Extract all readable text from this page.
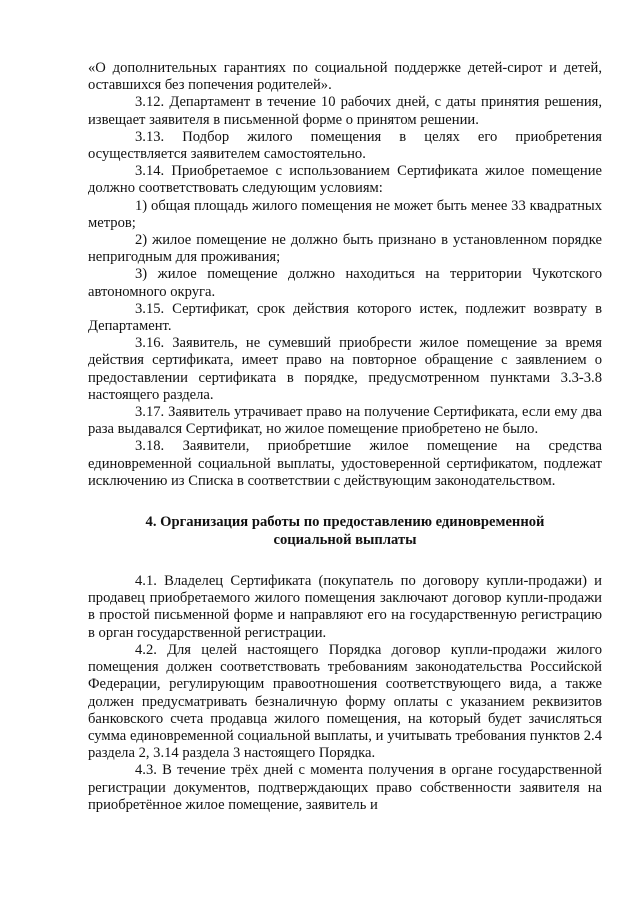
«О дополнительных гарантиях по социальной поддержке детей-сирот и детей, оставшихся без попечения родителей».

3.12. Департамент в течение 10 рабочих дней, с даты принятия решения, извещает заявителя в письменной форме о принятом решении.

3.13. Подбор жилого помещения в целях его приобретения осуществляется заявителем самостоятельно.

3.14. Приобретаемое с использованием Сертификата жилое помещение должно соответствовать следующим условиям:

1) общая площадь жилого помещения не может быть менее 33 квадратных метров;

2) жилое помещение не должно быть признано в установленном порядке непригодным для проживания;

3) жилое помещение должно находиться на территории Чукотского автономного округа.

3.15. Сертификат, срок действия которого истек, подлежит возврату в Департамент.

3.16. Заявитель, не сумевший приобрести жилое помещение за время действия сертификата, имеет право на повторное обращение с заявлением о предоставлении сертификата в порядке, предусмотренном пунктами 3.3-3.8 настоящего раздела.

3.17. Заявитель утрачивает право на получение Сертификата, если ему два раза выдавался Сертификат, но жилое помещение приобретено не было.

3.18. Заявители, приобретшие жилое помещение на средства единовременной социальной выплаты, удостоверенной сертификатом, подлежат исключению из Списка в соответствии с действующим законодательством.

4. Организация работы по предоставлению единовременной
социальной выплаты

4.1. Владелец Сертификата (покупатель по договору купли-продажи) и продавец приобретаемого жилого помещения заключают договор купли-продажи в простой письменной форме и направляют его на государственную регистрацию в орган государственной регистрации.

4.2. Для целей настоящего Порядка договор купли-продажи жилого помещения должен соответствовать требованиям законодательства Российской Федерации, регулирующим правоотношения соответствующего вида, а также должен предусматривать безналичную форму оплаты с указанием реквизитов банковского счета продавца жилого помещения, на который будет зачисляться сумма единовременной социальной выплаты, и учитывать требования пунктов 2.4 раздела 2, 3.14 раздела 3 настоящего Порядка.

4.3. В течение трёх дней с момента получения в органе государственной регистрации документов, подтверждающих право собственности заявителя на приобретённое жилое помещение, заявитель и
